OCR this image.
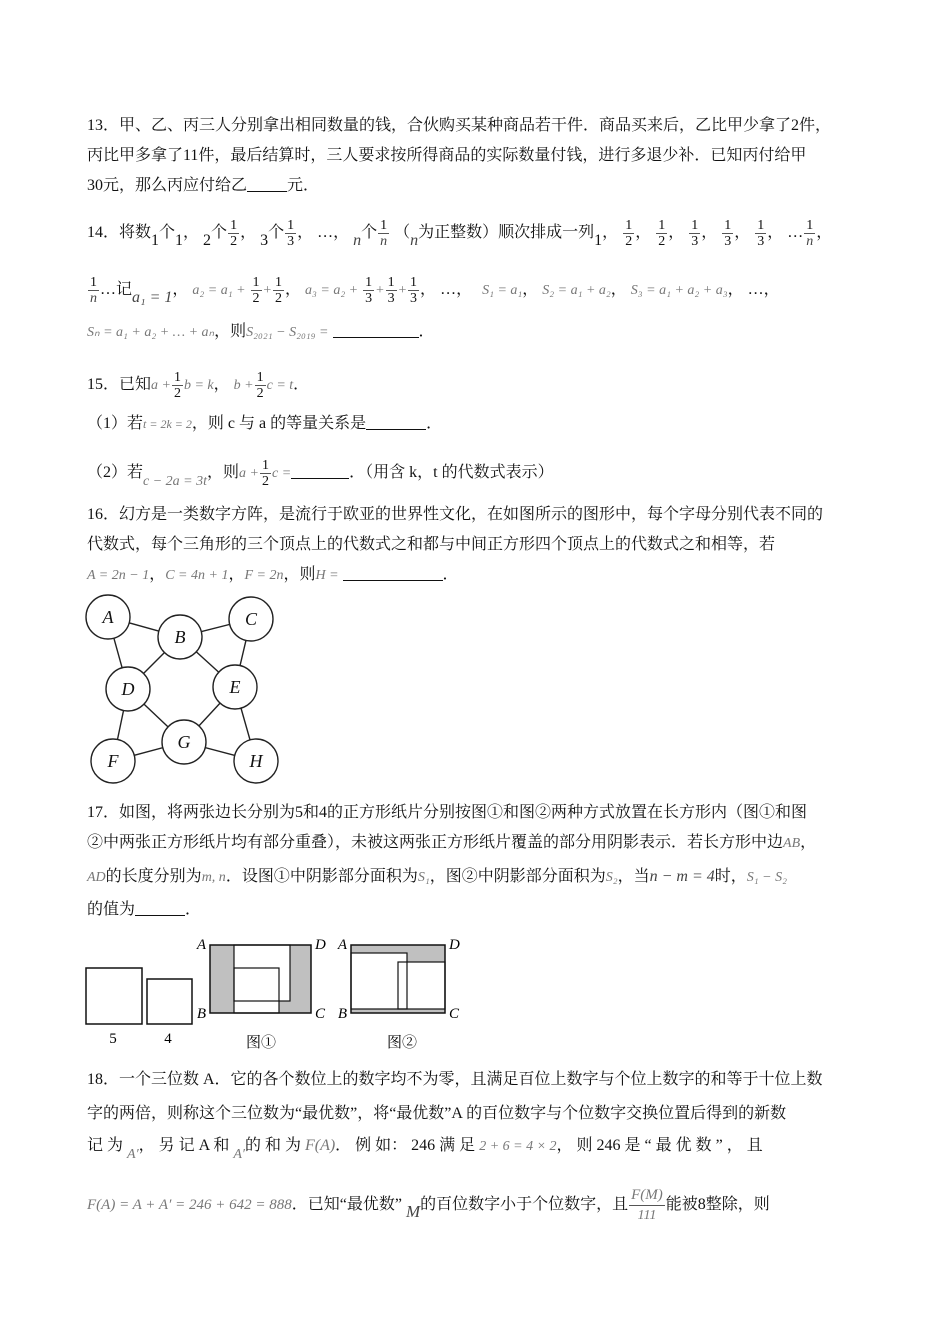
13．甲、乙、丙三人分别拿出相同数量的钱，合伙购买某种商品若干件．商品买来后，乙比甲少拿了2件，
丙比甲多拿了11件，最后结算时，三人要求按所得商品的实际数量付钱，进行多退少补．已知丙付给甲
30元，那么丙应付给乙	元．
14．将数1个1， 2个 $\frac{1}{2}$ ， 3个 $\frac{1}{3}$ ， …， n个 $\frac{1}{n} (n$为正整数）顺次排成一列1， $\frac{1}{2}$ ， $\frac{1}{2}$ ， $\frac{1}{3}$ ， $\frac{1}{3}$ ， $\frac{1}{3}$ ， … $\frac{1}{n}$ ，
$\frac{1}{n}$ …记a₁ = 1， $a_2 = a_1 + \frac{1}{2} + \frac{1}{2}$ ， $a_3 = a_2 + \frac{1}{3} + \frac{1}{3} + \frac{1}{3}$ ， …， S₁ = a₁， S₂ = a₁ + a₂， S₃ = a₁ + a₂ + a₃， …，
Sₙ = a₁ + a₂ + … + aₙ，则S₂₀₂₁ − S₂₀₁₉ =	．
15．已知$a + \frac{1}{2}$ b = k， $b + \frac{1}{2}$ c = t．
（1）若t = 2k = 2，则 c 与 a 的等量关系是	．
（2）若c − 2a = 3t，则$a + \frac{1}{2}$ c =	．（用含 k，t 的代数式表示）
16．幻方是一类数字方阵，是流行于欧亚的世界性文化，在如图所示的图形中，每个字母分别代表不同的
代数式，每个三角形的三个顶点上的代数式之和都与中间正方形四个顶点上的代数式之和相等，若
A = 2n − 1，C = 4n + 1，F = 2n，则H =	．
A
B
C
D	E
F
G
H
17．如图，将两张边长分别为5和4的正方形纸片分别按图①和图②两种方式放置在长方形内（图①和图
②中两张正方形纸片均有部分重叠），未被这两张正方形纸片覆盖的部分用阴影表示．若长方形中边AB，
AD的长度分别为m, n．设图①中阴影部分面积为S₁，图②中阴影部分面积为S₂，当n − m = 4时，S₁ − S₂
的值为	．
5	4
A	D
B	C
图①
A	D
B	C
图②
18．一个三位数 A．它的各个数位上的数字均不为零，且满足百位上数字与个位上数字的和等于十位上数
字的两倍，则称这个三位数为“最优数”，将“最优数”A 的百位数字与个位数字交换位置后得到的新数
记 为 A′， 另 记 A 和 A′的 和 为 F(A)． 例 如： 246 满 足 2 + 6 = 4 × 2， 则 246 是 “ 最 优 数 ” ， 且
F(A) = A + A′ = 246 + 642 = 888．已知“最优数” M的百位数字小于个位数字，且 $\frac{F(M)}{111}$ 能被8整除，则
